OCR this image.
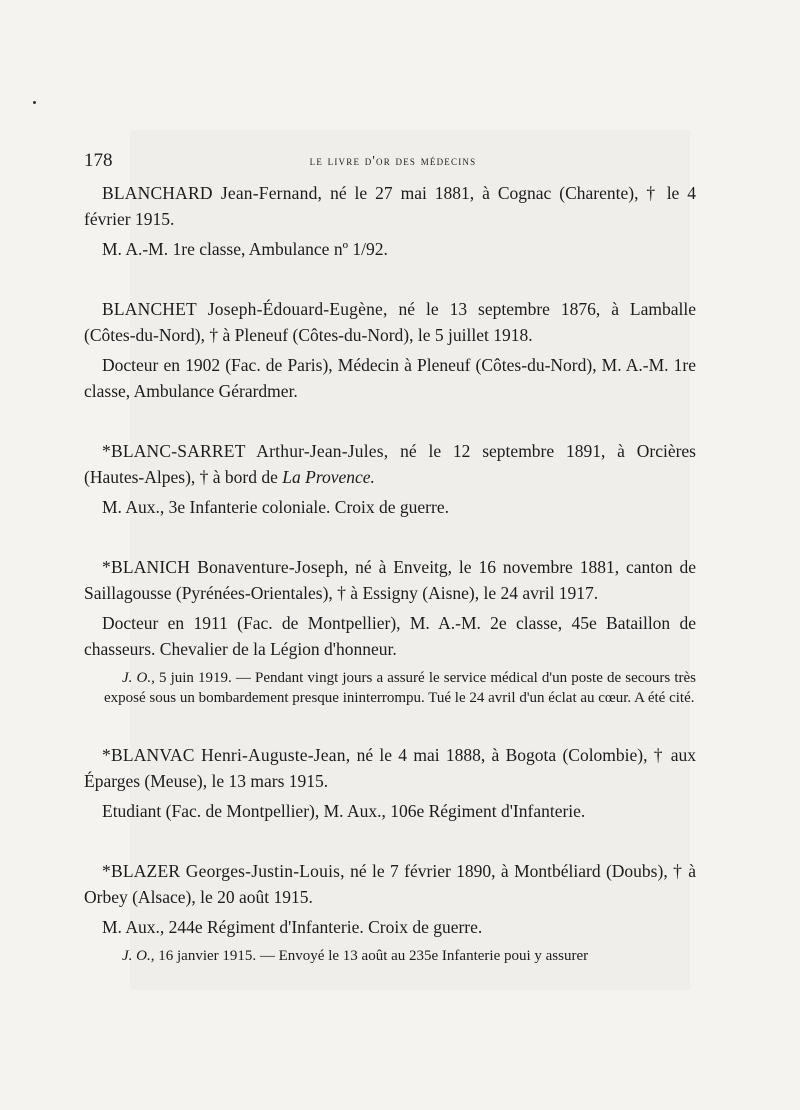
178	le livre d'or des médecins

BLANCHARD Jean-Fernand, né le 27 mai 1881, à Cognac (Charente), † le 4 février 1915.

M. A.-M. 1re classe, Ambulance nº 1/92.

BLANCHET Joseph-Édouard-Eugène, né le 13 septembre 1876, à Lamballe (Côtes-du-Nord), † à Pleneuf (Côtes-du-Nord), le 5 juillet 1918.

Docteur en 1902 (Fac. de Paris), Médecin à Pleneuf (Côtes-du-Nord), M. A.-M. 1re classe, Ambulance Gérardmer.

*BLANC-SARRET Arthur-Jean-Jules, né le 12 septembre 1891, à Orcières (Hautes-Alpes), † à bord de La Provence.

M. Aux., 3e Infanterie coloniale. Croix de guerre.

*BLANICH Bonaventure-Joseph, né à Enveitg, le 16 novembre 1881, canton de Saillagousse (Pyrénées-Orientales), † à Essigny (Aisne), le 24 avril 1917.

Docteur en 1911 (Fac. de Montpellier), M. A.-M. 2e classe, 45e Bataillon de chasseurs. Chevalier de la Légion d'honneur.

J. O., 5 juin 1919. — Pendant vingt jours a assuré le service médical d'un poste de secours très exposé sous un bombardement presque ininterrompu. Tué le 24 avril d'un éclat au cœur. A été cité.

*BLANVAC Henri-Auguste-Jean, né le 4 mai 1888, à Bogota (Colombie), † aux Éparges (Meuse), le 13 mars 1915.

Etudiant (Fac. de Montpellier), M. Aux., 106e Régiment d'Infanterie.

*BLAZER Georges-Justin-Louis, né le 7 février 1890, à Montbéliard (Doubs), † à Orbey (Alsace), le 20 août 1915.

M. Aux., 244e Régiment d'Infanterie. Croix de guerre.

J. O., 16 janvier 1915. — Envoyé le 13 août au 235e Infanterie poui y assurer
